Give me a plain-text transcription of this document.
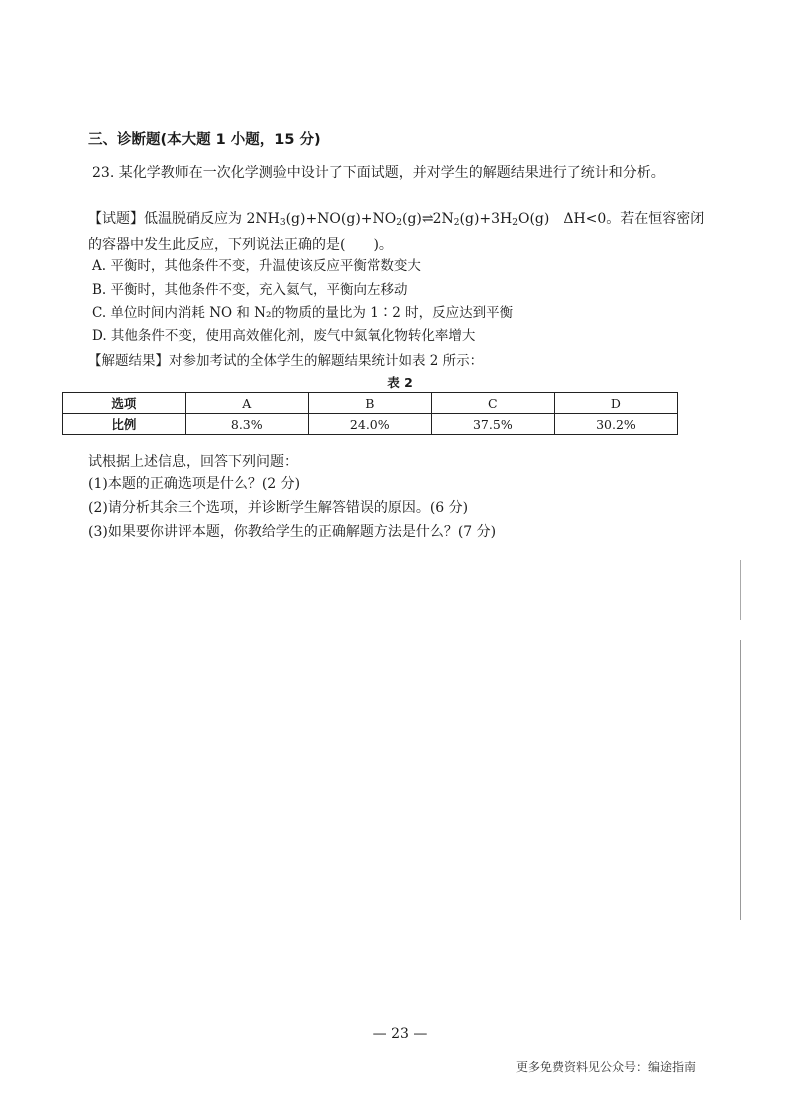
三、诊断题(本大题 1 小题，15 分)
23. 某化学教师在一次化学测验中设计了下面试题，并对学生的解题结果进行了统计和分析。
【试题】低温脱硝反应为 $2NH_3(g)+NO(g)+NO_2(g)\rightleftharpoons 2N_2(g)+3H_2O(g)$　ΔH<0。若在恒容密闭的容器中发生此反应，下列说法正确的是(　　)。
A. 平衡时，其他条件不变，升温使该反应平衡常数变大
B. 平衡时，其他条件不变，充入氦气，平衡向左移动
C. 单位时间内消耗 NO 和 N₂的物质的量比为 1∶2 时，反应达到平衡
D. 其他条件不变，使用高效催化剂，废气中氮氧化物转化率增大
【解题结果】对参加考试的全体学生的解题结果统计如表 2 所示：
表 2
选项	A	B	C	D
比例	8.3%	24.0%	37.5%	30.2%
试根据上述信息，回答下列问题：
(1)本题的正确选项是什么？(2 分)
(2)请分析其余三个选项，并诊断学生解答错误的原因。(6 分)
(3)如果要你讲评本题，你教给学生的正确解题方法是什么？(7 分)
— 23 —
更多免费资料见公众号：编途指南
